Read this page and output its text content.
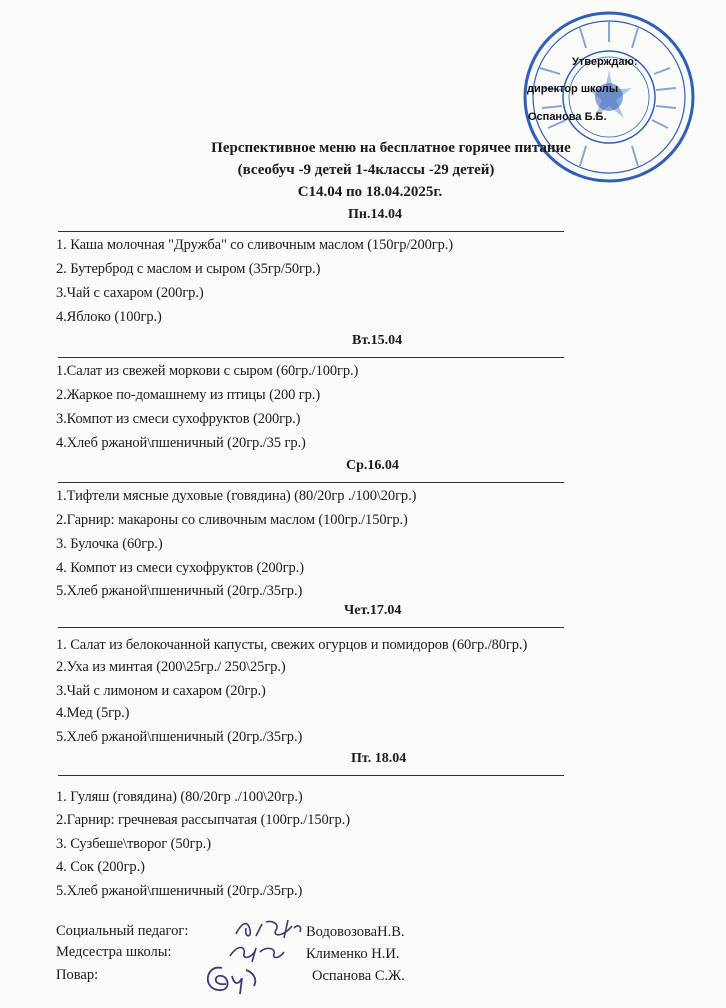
Утверждаю:
директор школы
Оспанова Б.Б.
Перспективное меню на бесплатное горячее питание
(всеобуч -9 детей 1-4классы -29 детей)
С14.04 по 18.04.2025г.
Пн.14.04
1. Каша молочная "Дружба" со сливочным маслом (150гр/200гр.)
2. Бутерброд с маслом и сыром (35гр/50гр.)
3.Чай с сахаром (200гр.)
4.Яблоко (100гр.)
Вт.15.04
1.Салат из свежей моркови с сыром (60гр./100гр.)
2.Жаркое по-домашнему из птицы (200 гр.)
3.Компот из смеси сухофруктов (200гр.)
4.Хлеб ржаной\пшеничный (20гр./35 гр.)
Ср.16.04
1.Тифтели мясные духовые (говядина) (80/20гр ./100\20гр.)
2.Гарнир: макароны со сливочным маслом (100гр./150гр.)
3. Булочка (60гр.)
4. Компот из смеси сухофруктов (200гр.)
5.Хлеб ржаной\пшеничный (20гр./35гр.)
Чет.17.04
1. Салат из белокочанной капусты, свежих огурцов и помидоров (60гр./80гр.)
2.Уха из минтая (200\25гр./ 250\25гр.)
3.Чай с лимоном и сахаром (20гр.)
4.Мед (5гр.)
5.Хлеб ржаной\пшеничный (20гр./35гр.)
Пт. 18.04
1. Гуляш (говядина) (80/20гр ./100\20гр.)
2.Гарнир: гречневая рассыпчатая (100гр./150гр.)
3. Сузбеше\творог (50гр.)
4. Сок (200гр.)
5.Хлеб ржаной\пшеничный (20гр./35гр.)
Социальный педагог:	ВодовозоваН.В.
Медсестра школы:	Клименко Н.И.
Повар:	Оспанова С.Ж.
